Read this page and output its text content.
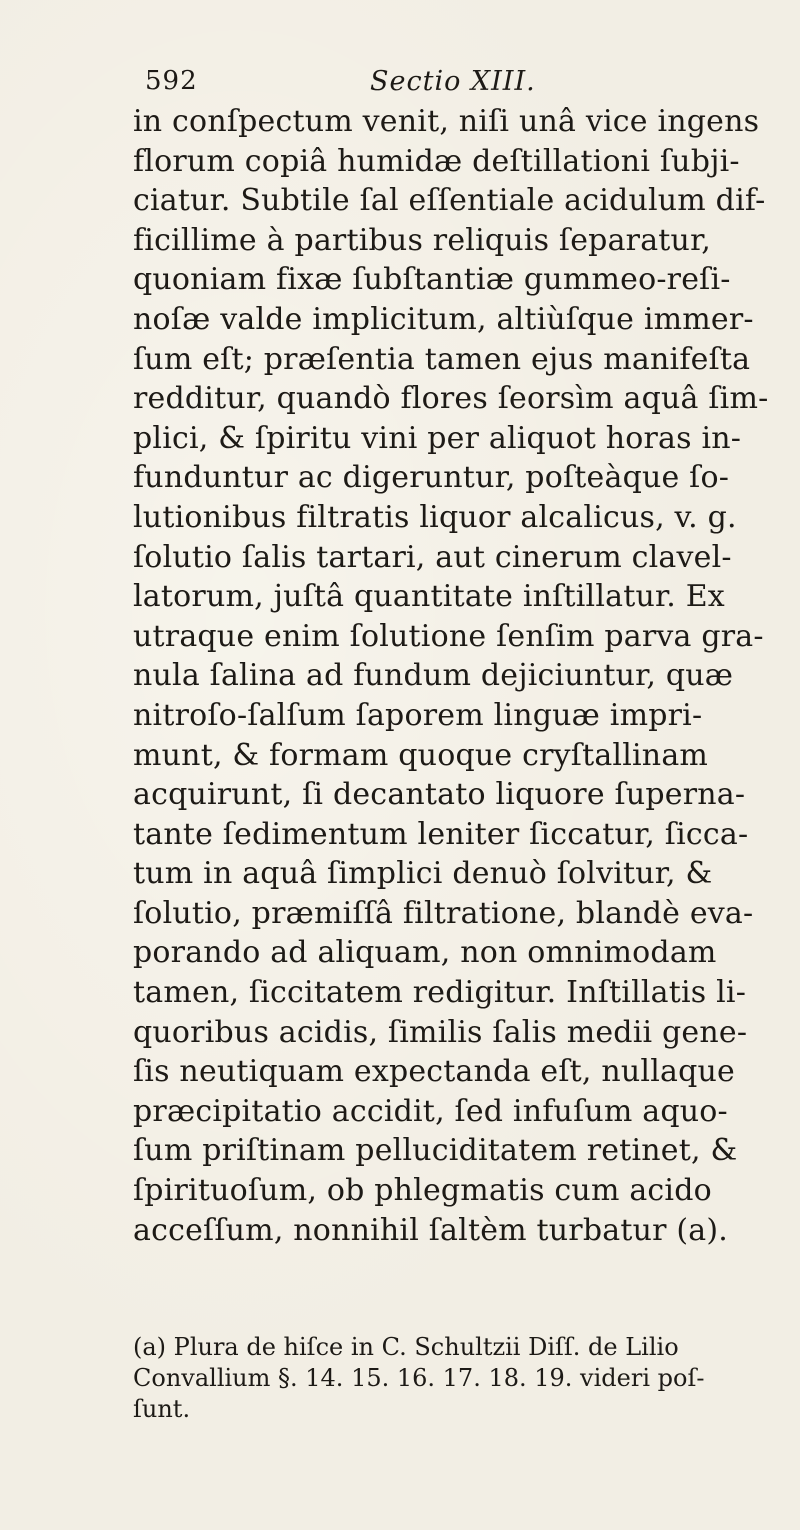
592	Sectio XIII.
in conſpectum venit, niſi unâ vice ingens
florum copiâ humidæ deſtillationi ſubji-
ciatur. Subtile ſal eſſentiale acidulum dif-
ficillime à partibus reliquis ſeparatur,
quoniam fixæ ſubſtantiæ gummeo-reſi-
noſæ valde implicitum, altiùſque immer-
ſum eſt; præſentia tamen ejus manifeſta
redditur, quandò flores ſeorsìm aquâ ſim-
plici, & ſpiritu vini per aliquot horas in-
funduntur ac digeruntur, poſteàque ſo-
lutionibus filtratis liquor alcalicus, v. g.
ſolutio ſalis tartari, aut cinerum clavel-
latorum, juſtâ quantitate inſtillatur. Ex
utraque enim ſolutione ſenſim parva gra-
nula ſalina ad fundum dejiciuntur, quæ
nitroſo-ſalſum ſaporem linguæ impri-
munt, & formam quoque cryſtallinam
acquirunt, ſi decantato liquore ſuperna-
tante ſedimentum leniter ſiccatur, ſicca-
tum in aquâ ſimplici denuò ſolvitur, &
ſolutio, præmiſſâ filtratione, blandè eva-
porando ad aliquam, non omnimodam
tamen, ſiccitatem redigitur. Inſtillatis li-
quoribus acidis, ſimilis ſalis medii gene-
ſis neutiquam expectanda eſt, nullaque
præcipitatio accidit, ſed infuſum aquo-
ſum priſtinam pelluciditatem retinet, &
ſpirituoſum, ob phlegmatis cum acido
acceſſum, nonnihil ſaltèm turbatur (a).
(a) Plura de hiſce in C. Schultzii Diſſ. de Lilio
Convallium §. 14. 15. 16. 17. 18. 19. videri poſ-
ſunt.
